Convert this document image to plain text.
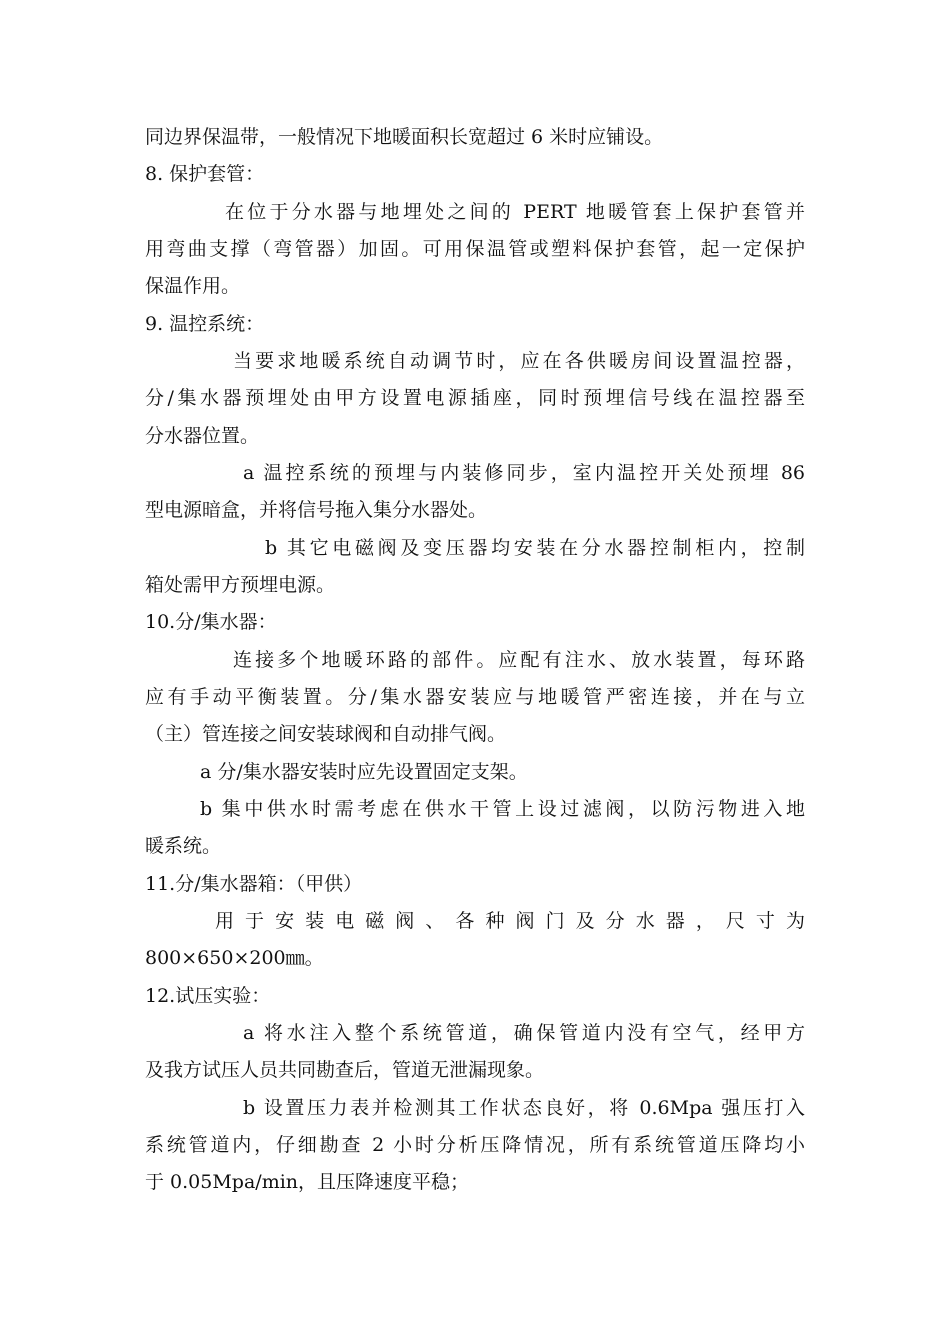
同边界保温带，一般情况下地暖面积长宽超过 6 米时应铺设。
8. 保护套管：
在位于分水器与地埋处之间的 PERT 地暖管套上保护套管并
用弯曲支撑（弯管器）加固。可用保温管或塑料保护套管，起一定保护
保温作用。
9. 温控系统：
当要求地暖系统自动调节时，应在各供暖房间设置温控器，
分/集水器预埋处由甲方设置电源插座，同时预埋信号线在温控器至
分水器位置。
a 温控系统的预埋与内装修同步，室内温控开关处预埋 86
型电源暗盒，并将信号拖入集分水器处。
b 其它电磁阀及变压器均安装在分水器控制柜内，控制
箱处需甲方预埋电源。
10.分/集水器：
连接多个地暖环路的部件。应配有注水、放水装置，每环路
应有手动平衡装置。分/集水器安装应与地暖管严密连接，并在与立
（主）管连接之间安装球阀和自动排气阀。
a 分/集水器安装时应先设置固定支架。
b 集中供水时需考虑在供水干管上设过滤阀，以防污物进入地
暖系统。
11.分/集水器箱：（甲供）
用于安装电磁阀、各种阀门及分水器，尺寸为
800×650×200㎜。
12.试压实验：
a 将水注入整个系统管道，确保管道内没有空气，经甲方
及我方试压人员共同勘查后，管道无泄漏现象。
b 设置压力表并检测其工作状态良好，将 0.6Mpa 强压打入
系统管道内，仔细勘查 2 小时分析压降情况，所有系统管道压降均小
于 0.05Mpa/min，且压降速度平稳；
